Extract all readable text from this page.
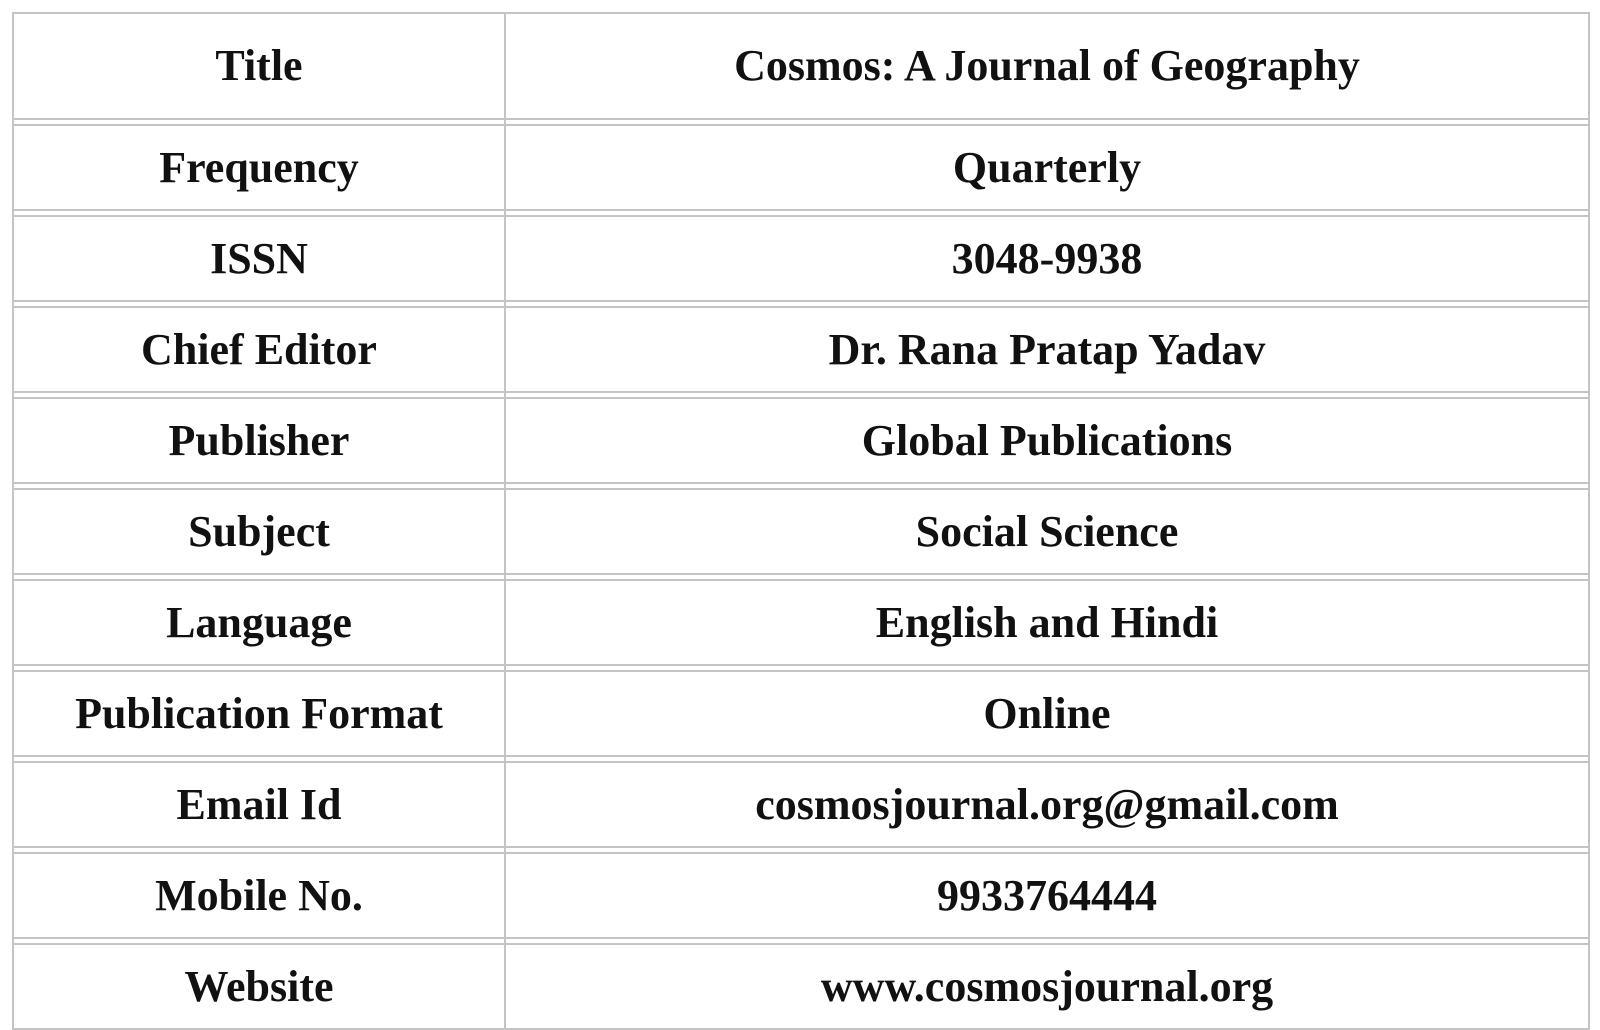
Title	Cosmos: A Journal of Geography

Frequency	Quarterly

ISSN	3048-9938

Chief Editor	Dr. Rana Pratap Yadav

Publisher	Global Publications

Subject	Social Science

Language	English and Hindi

Publication Format	Online

Email Id	cosmosjournal.org@gmail.com

Mobile No.	9933764444

Website	www.cosmosjournal.org
